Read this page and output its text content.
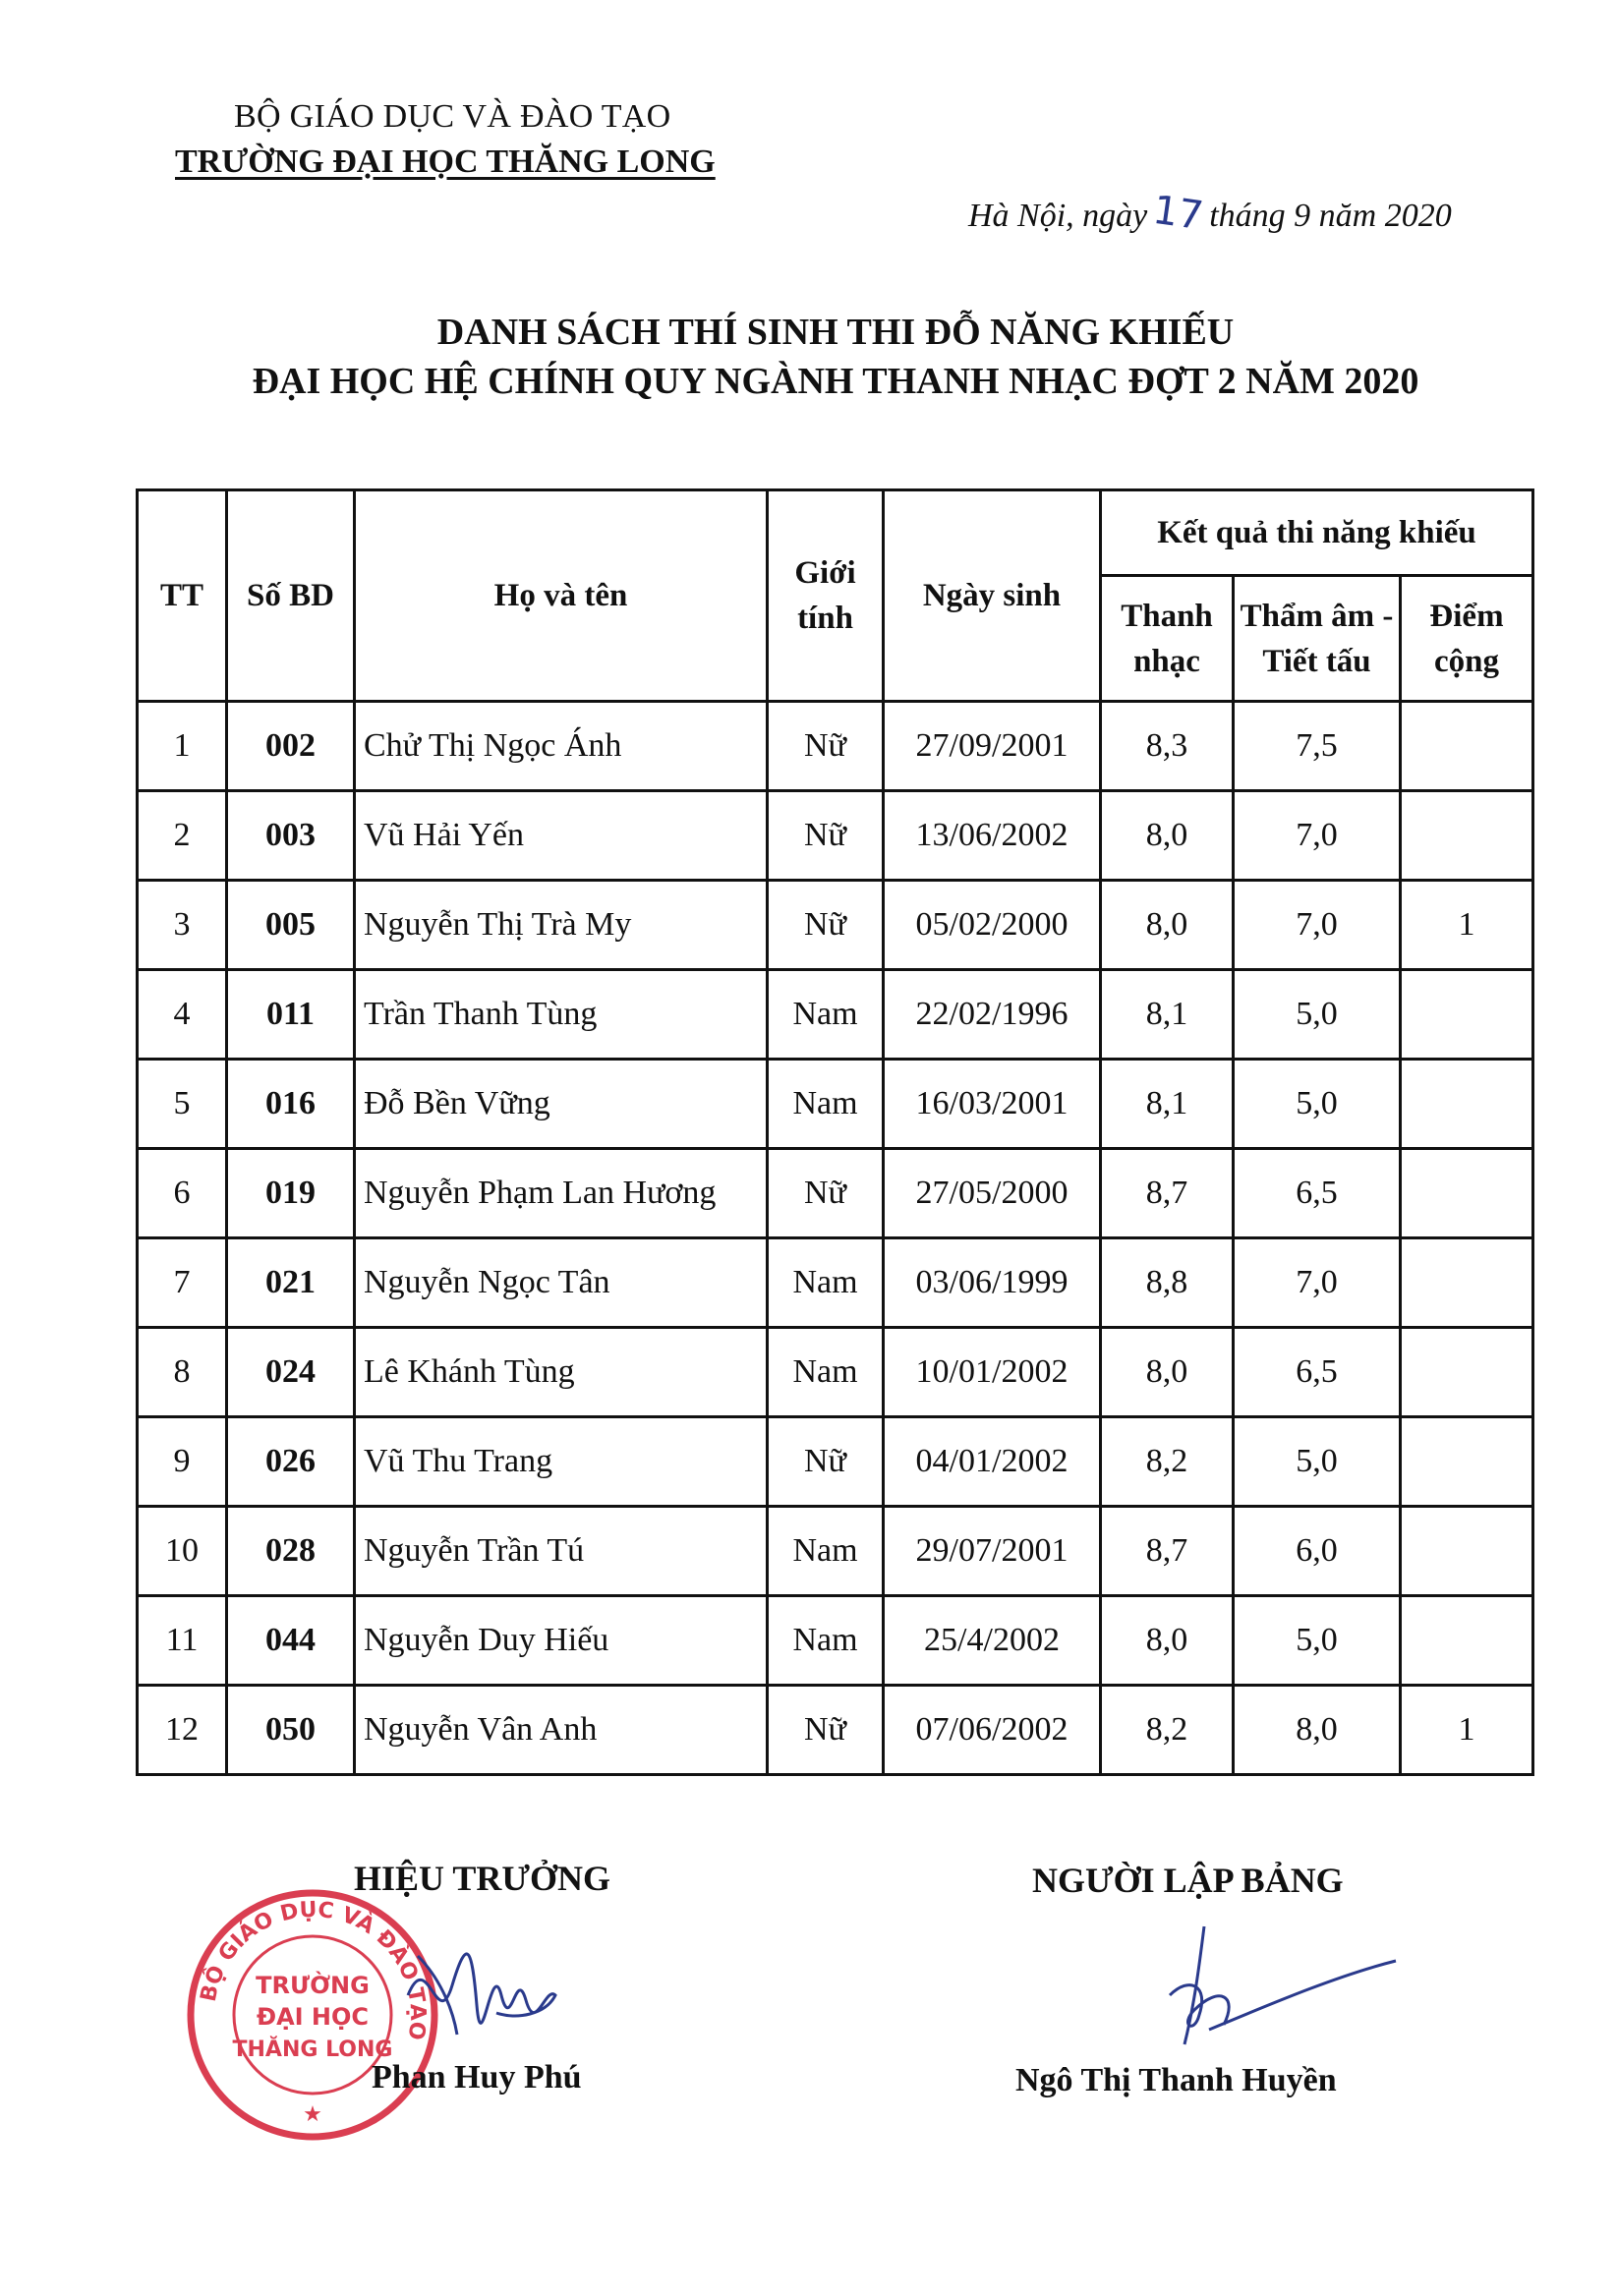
BỘ GIÁO DỤC VÀ ĐÀO TẠO
TRƯỜNG ĐẠI HỌC THĂNG LONG
Hà Nội, ngày17tháng 9 năm 2020
DANH SÁCH THÍ SINH THI ĐỖ NĂNG KHIẾU
ĐẠI HỌC HỆ CHÍNH QUY NGÀNH THANH NHẠC ĐỢT 2 NĂM 2020
TT	Số BD	Họ và tên	Giới tính	Ngày sinh	Kết quả thi năng khiếu		
					Thanh nhạc	Thẩm âm - Tiết tấu	Điểm cộng
1	002	Chử Thị Ngọc Ánh	Nữ	27/09/2001	8,3	7,5	
2	003	Vũ Hải Yến	Nữ	13/06/2002	8,0	7,0	
3	005	Nguyễn Thị Trà My	Nữ	05/02/2000	8,0	7,0	1
4	011	Trần Thanh Tùng	Nam	22/02/1996	8,1	5,0	
5	016	Đỗ Bền Vững	Nam	16/03/2001	8,1	5,0	
6	019	Nguyễn Phạm Lan Hương	Nữ	27/05/2000	8,7	6,5	
7	021	Nguyễn Ngọc Tân	Nam	03/06/1999	8,8	7,0	
8	024	Lê Khánh Tùng	Nam	10/01/2002	8,0	6,5	
9	026	Vũ Thu Trang	Nữ	04/01/2002	8,2	5,0	
10	028	Nguyễn Trần Tú	Nam	29/07/2001	8,7	6,0	
11	044	Nguyễn Duy Hiếu	Nam	25/4/2002	8,0	5,0	
12	050	Nguyễn Vân Anh	Nữ	07/06/2002	8,2	8,0	1
HIỆU TRƯỞNG	NGƯỜI LẬP BẢNG
BỘ GIÁO DỤC VÀ ĐÀO TẠO
TRƯỜNG
ĐẠI HỌC
THĂNG LONG
★
Phan Huy Phú	Ngô Thị Thanh Huyền
